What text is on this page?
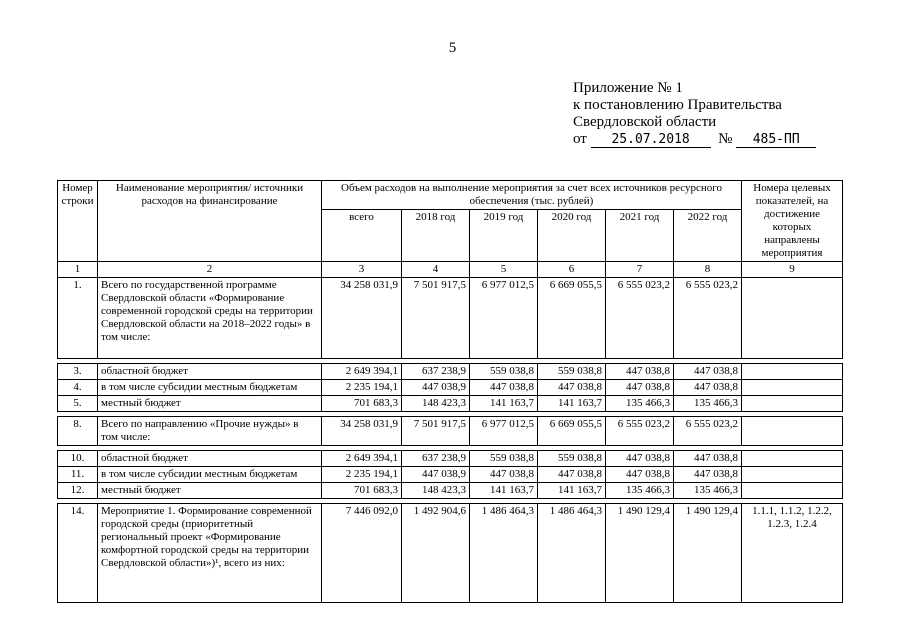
5
Приложение № 1
к постановлению Правительства
Свердловской области
от 25.07.2018 № 485-ПП
Номер строки	Наименование мероприятия/ источники расходов на финансирование	Объем расходов на выполнение мероприятия за счет всех источников ресурсного обеспечения (тыс. рублей)						Номера целевых показателей, на достижение которых направлены мероприятия
		всего	2018 год	2019 год	2020 год	2021 год	2022 год	
1	2	3	4	5	6	7	8	9
1.	Всего по государственной программе Свердловской области «Формирование современной городской среды на территории Свердловской области на 2018–2022 годы» в том числе:	34 258 031,9	7 501 917,5	6 977 012,5	6 669 055,5	6 555 023,2	6 555 023,2	

3.	областной бюджет	2 649 394,1	637 238,9	559 038,8	559 038,8	447 038,8	447 038,8	
4.	в том числе субсидии местным бюджетам	2 235 194,1	447 038,9	447 038,8	447 038,8	447 038,8	447 038,8	
5.	местный бюджет	701 683,3	148 423,3	141 163,7	141 163,7	135 466,3	135 466,3	

8.	Всего по направлению «Прочие нужды» в том числе:	34 258 031,9	7 501 917,5	6 977 012,5	6 669 055,5	6 555 023,2	6 555 023,2	

10.	областной бюджет	2 649 394,1	637 238,9	559 038,8	559 038,8	447 038,8	447 038,8	
11.	в том числе субсидии местным бюджетам	2 235 194,1	447 038,9	447 038,8	447 038,8	447 038,8	447 038,8	
12.	местный бюджет	701 683,3	148 423,3	141 163,7	141 163,7	135 466,3	135 466,3	

14.	Мероприятие 1. Формирование современной городской среды (приоритетный региональный проект «Формирование комфортной городской среды на территории Свердловской области»)¹, всего из них:	7 446 092,0	1 492 904,6	1 486 464,3	1 486 464,3	1 490 129,4	1 490 129,4	1.1.1, 1.1.2, 1.2.2, 1.2.3, 1.2.4
